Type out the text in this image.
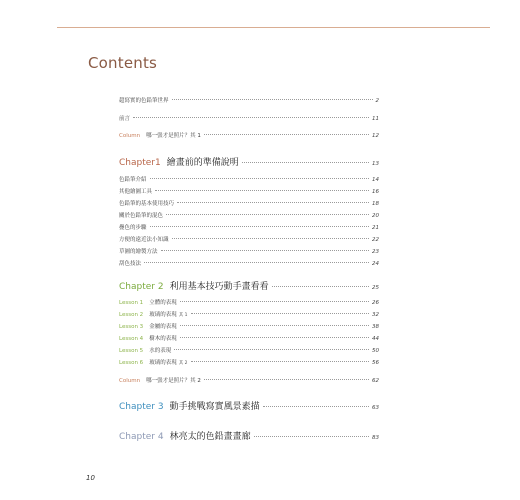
Contents
超寫實的色鉛筆世界	2
前言	11
Column 哪一張才是照片？其 1	12
Chapter1 繪畫前的準備說明	13
色鉛筆介紹	14
其他繪圖工具	16
色鉛筆的基本使用技巧	18
關於色鉛筆的混色	20
疊色的步驟	21
方便的遠近法小知識	22
草圖的繪製方法	23
刮色技法	24
Chapter 2 利用基本技巧動手畫看看	25
Lesson 1 立體的表現	26
Lesson 2 玻璃的表現 其 1	32
Lesson 3 金屬的表現	38
Lesson 4 樹木的表現	44
Lesson 5 水的表現	50
Lesson 6 玻璃的表現 其 2	56
Column 哪一張才是照片？其 2	62
Chapter 3 動手挑戰寫實風景素描	63
Chapter 4 林亮太的色鉛畫畫廊	83
10
